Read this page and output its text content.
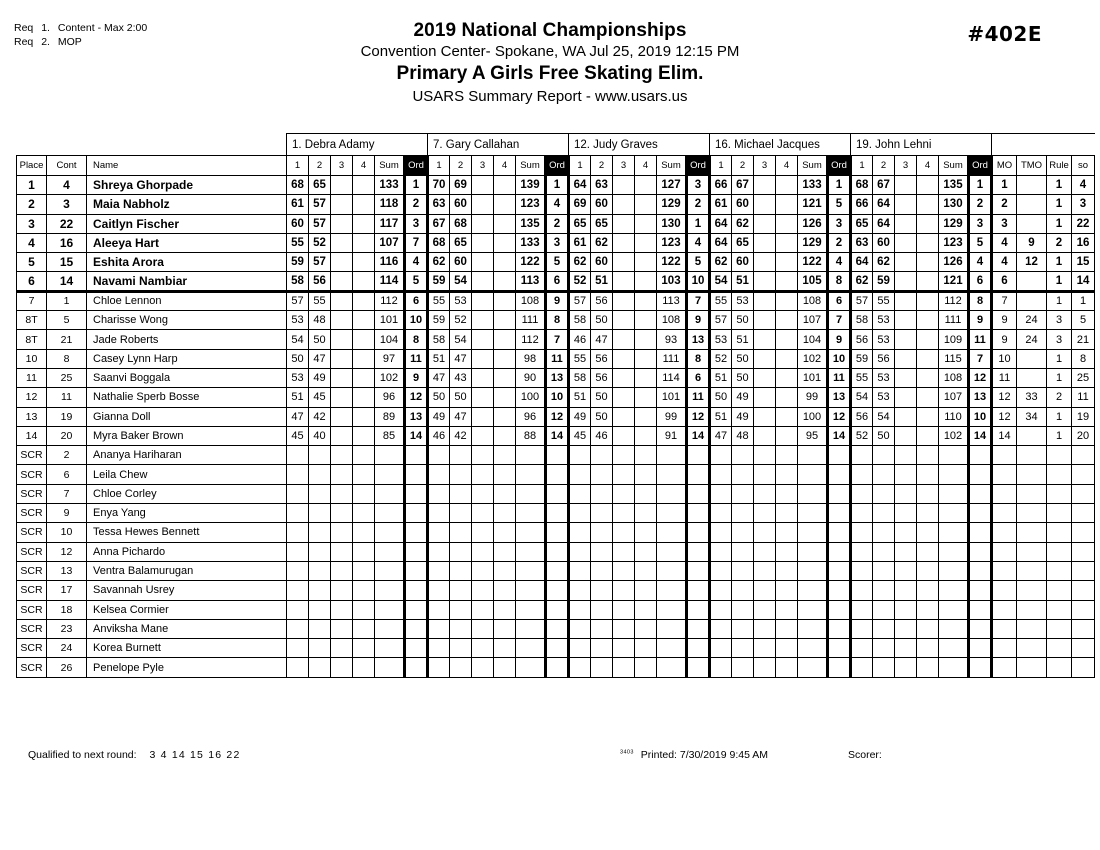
Req 1. Content - Max 2:00
Req 2. MOP
2019 National Championships
Convention Center- Spokane, WA Jul 25, 2019 12:15 PM
Primary A Girls Free Skating Elim.
USARS Summary Report - www.usars.us
#402E
			1. Debra Adamy						7. Gary Callahan						12. Judy Graves						16. Michael Jacques						19. John Lehni									
Place	Cont	Name	1	2	3	4	Sum	Ord	1	2	3	4	Sum	Ord	1	2	3	4	Sum	Ord	1	2	3	4	Sum	Ord	1	2	3	4	Sum	Ord	MO	TMO	Rule	so
1	4	Shreya Ghorpade	68	65			133	1	70	69			139	1	64	63			127	3	66	67			133	1	68	67			135	1	1		1	4
2	3	Maia Nabholz	61	57			118	2	63	60			123	4	69	60			129	2	61	60			121	5	66	64			130	2	2		1	3
3	22	Caitlyn Fischer	60	57			117	3	67	68			135	2	65	65			130	1	64	62			126	3	65	64			129	3	3		1	22
4	16	Aleeya Hart	55	52			107	7	68	65			133	3	61	62			123	4	64	65			129	2	63	60			123	5	4	9	2	16
5	15	Eshita Arora	59	57			116	4	62	60			122	5	62	60			122	5	62	60			122	4	64	62			126	4	4	12	1	15
6	14	Navami Nambiar	58	56			114	5	59	54			113	6	52	51			103	10	54	51			105	8	62	59			121	6	6		1	14
7	1	Chloe Lennon	57	55			112	6	55	53			108	9	57	56			113	7	55	53			108	6	57	55			112	8	7		1	1
8T	5	Charisse Wong	53	48			101	10	59	52			111	8	58	50			108	9	57	50			107	7	58	53			111	9	9	24	3	5
8T	21	Jade Roberts	54	50			104	8	58	54			112	7	46	47			93	13	53	51			104	9	56	53			109	11	9	24	3	21
10	8	Casey Lynn Harp	50	47			97	11	51	47			98	11	55	56			111	8	52	50			102	10	59	56			115	7	10		1	8
11	25	Saanvi Boggala	53	49			102	9	47	43			90	13	58	56			114	6	51	50			101	11	55	53			108	12	11		1	25
12	11	Nathalie Sperb Bosse	51	45			96	12	50	50			100	10	51	50			101	11	50	49			99	13	54	53			107	13	12	33	2	11
13	19	Gianna Doll	47	42			89	13	49	47			96	12	49	50			99	12	51	49			100	12	56	54			110	10	12	34	1	19
14	20	Myra Baker Brown	45	40			85	14	46	42			88	14	45	46			91	14	47	48			95	14	52	50			102	14	14		1	20
SCR	2	Ananya Hariharan																																		
SCR	6	Leila Chew																																		
SCR	7	Chloe Corley																																		
SCR	9	Enya Yang																																		
SCR	10	Tessa Hewes Bennett																																		
SCR	12	Anna Pichardo																																		
SCR	13	Ventra Balamurugan																																		
SCR	17	Savannah Usrey																																		
SCR	18	Kelsea Cormier																																		
SCR	23	Anviksha Mane																																		
SCR	24	Korea Burnett																																		
SCR	26	Penelope Pyle																																		
Qualified to next round: 3 4 14 15 16 22	$^{3403}$ Printed: 7/30/2019 9:45 AM	Scorer:
